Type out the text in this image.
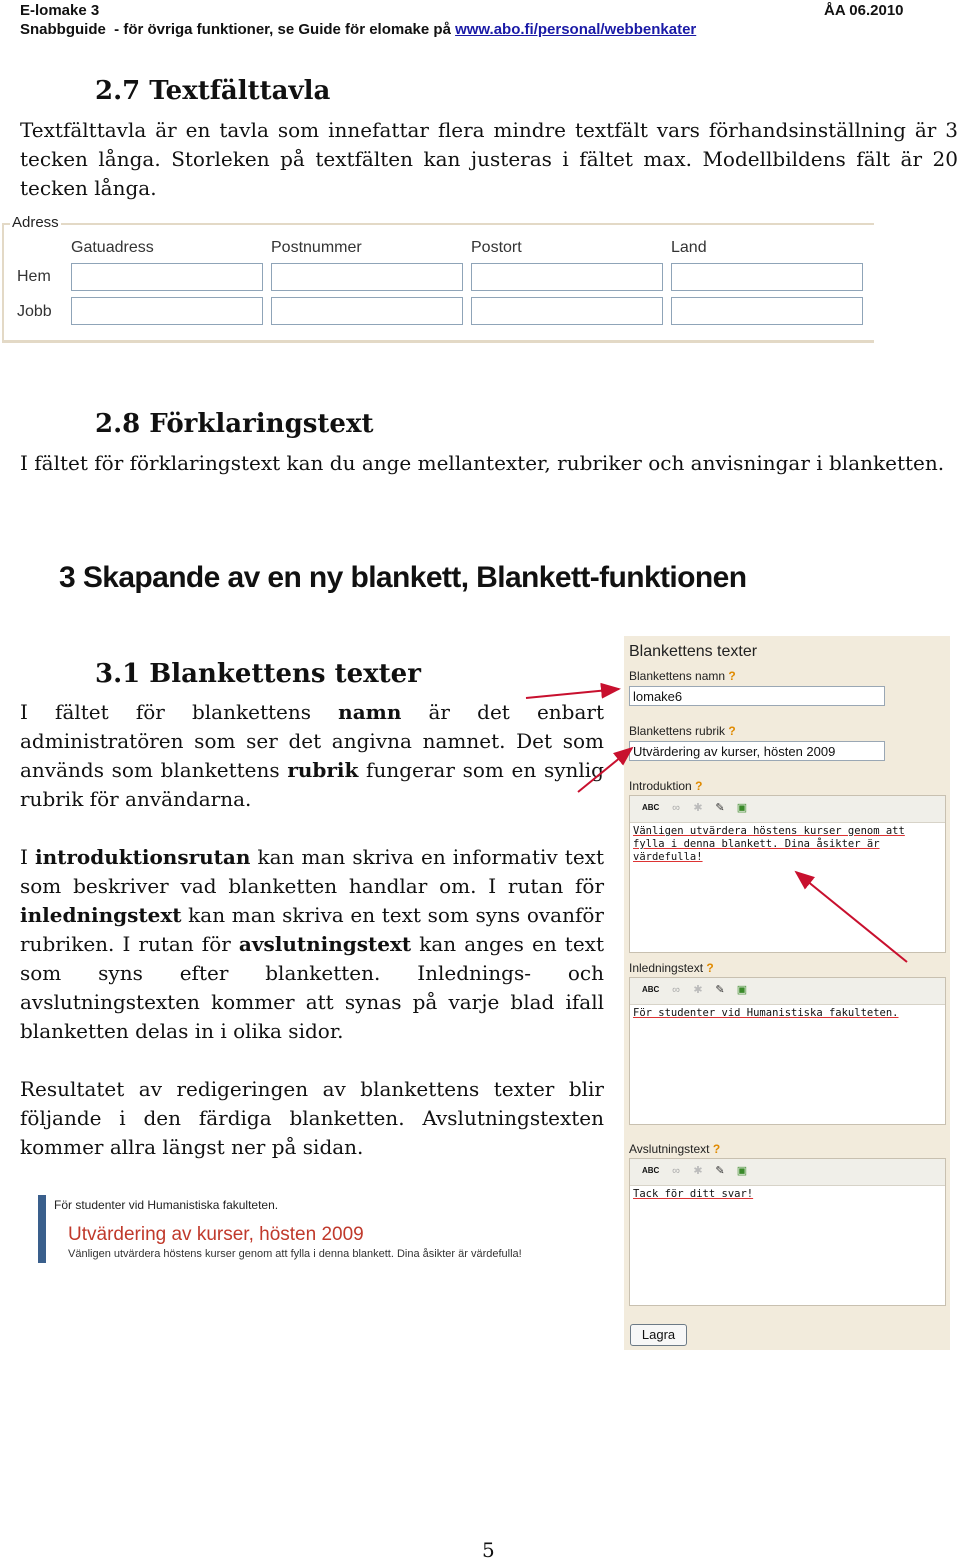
E-lomake 3	ÅA 06.2010
Snabbguide  - för övriga funktioner, se Guide för elomake på www.abo.fi/personal/webbenkater
2.7 Textfälttavla
Textfälttavla är en tavla som innefattar flera mindre textfält vars förhandsinställning är 3 tecken långa. Storleken på textfälten kan justeras i fältet max. Modellbildens fält är 20 tecken långa.
Adress
Gatuadress	Postnummer	Postort	Land
Hem
Jobb
2.8 Förklaringstext
I fältet för förklaringstext kan du ange mellantexter, rubriker och anvisningar i blanketten.
3 Skapande av en ny blankett, Blankett-funktionen
3.1 Blankettens texter
I fältet för blankettens namn är det enbart administratören som ser det angivna namnet. Det som används som blankettens rubrik fungerar som en synlig rubrik för användarna.
I introduktionsrutan kan man skriva en informativ text som beskriver vad blanketten handlar om. I rutan för inledningstext kan man skriva en text som syns ovanför rubriken. I rutan för avslutningstext kan anges en text som syns efter blanketten. Inlednings- och avslutningstexten kommer att synas på varje blad ifall blanketten delas in i olika sidor.
Resultatet av redigeringen av blankettens texter blir följande i den färdiga blanketten. Avslutningstexten kommer allra längst ner på sidan.
Blankettens texter
Blankettens namn ?
lomake6
Blankettens rubrik ?
Utvärdering av kurser, hösten 2009
Introduktion ?
ABC	∞	✱	✎	▣
Vänligen utvärdera höstens kurser genom att fylla i denna blankett. Dina åsikter är värdefulla!
Inledningstext ?
ABC	∞	✱	✎	▣
För studenter vid Humanistiska fakulteten.
Avslutningstext ?
ABC	∞	✱	✎	▣
Tack för ditt svar!
Lagra
För studenter vid Humanistiska fakulteten.
Utvärdering av kurser, hösten 2009
Vänligen utvärdera höstens kurser genom att fylla i denna blankett. Dina åsikter är värdefulla!
5
